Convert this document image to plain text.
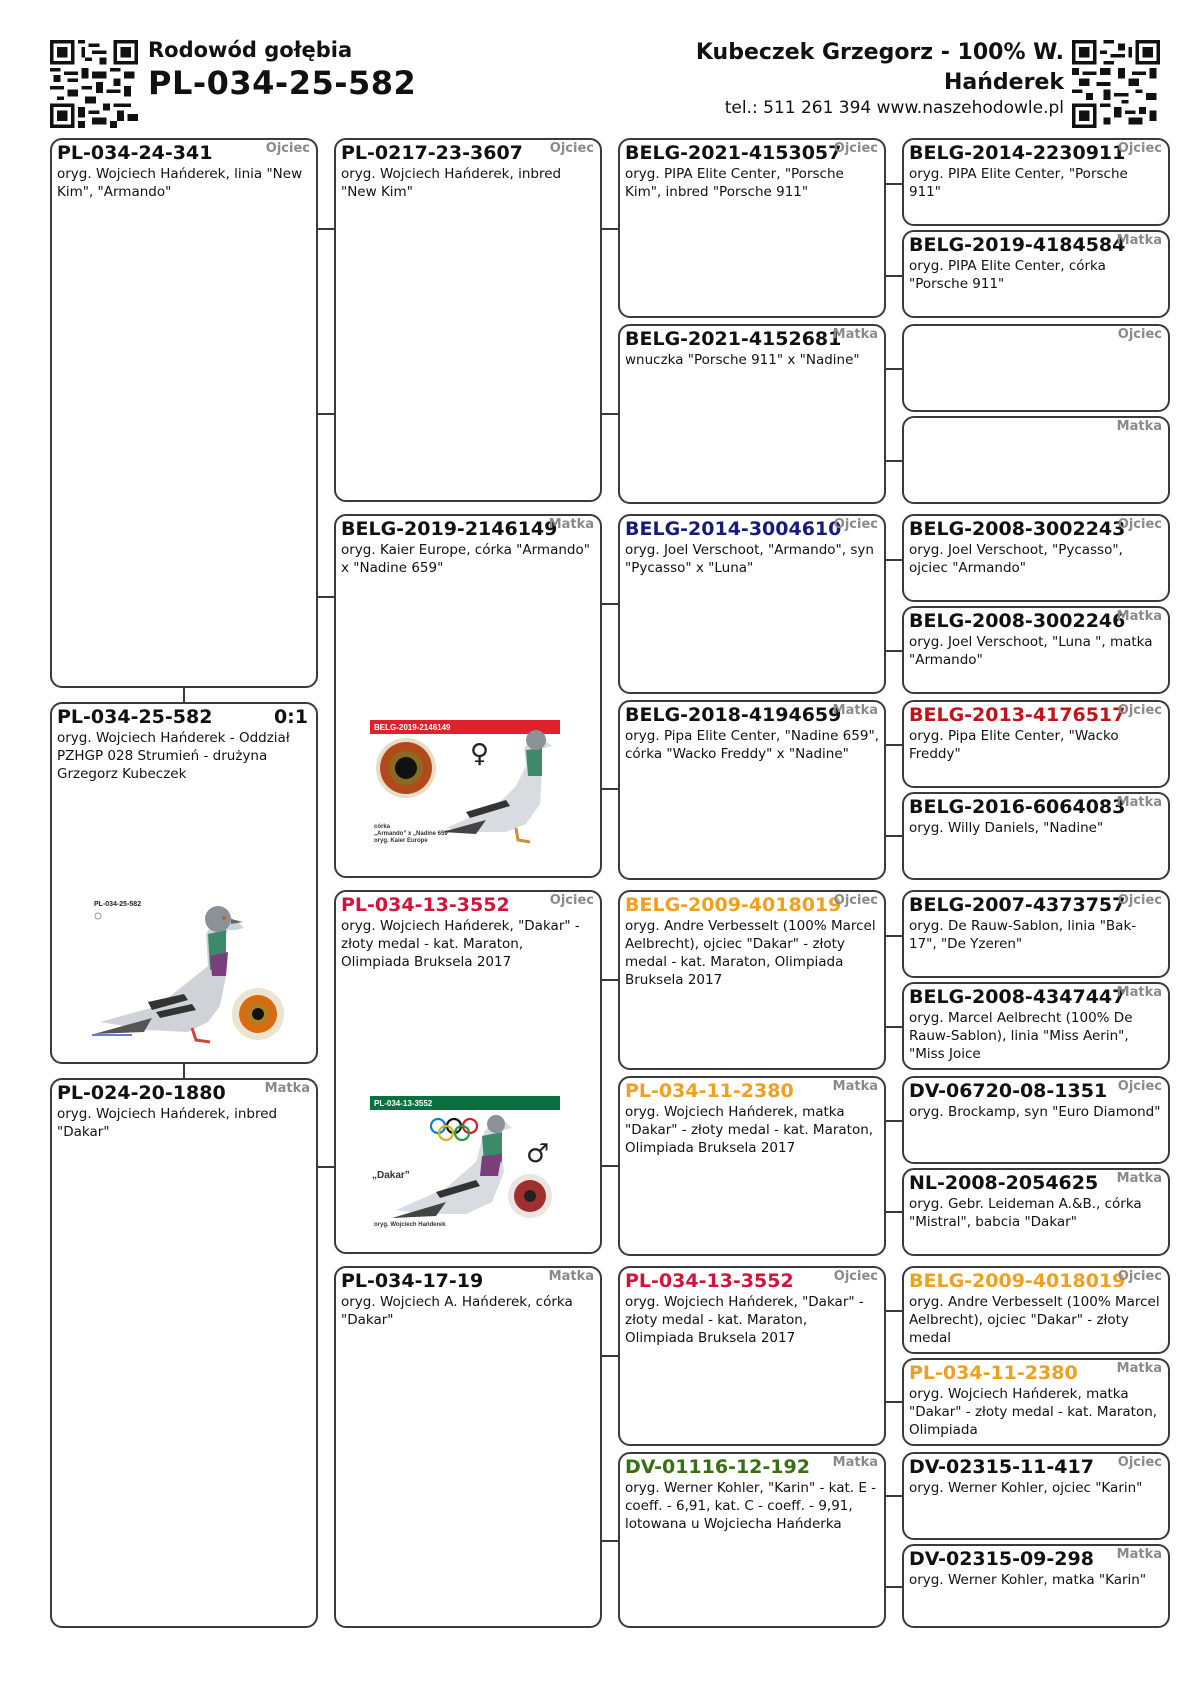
Rodowód gołębia
PL-034-25-582
Kubeczek Grzegorz - 100% W. Hańderek
tel.: 511 261 394 www.naszehodowle.pl
PL-034-24-341	Ojciec
oryg. Wojciech Hańderek, linia "New Kim", "Armando"
PL-034-25-582	0:1
oryg. Wojciech Hańderek - Oddział PZHGP 028 Strumień - drużyna Grzegorz Kubeczek
PL-034-25-582
PL-024-20-1880	Matka
oryg. Wojciech Hańderek, inbred "Dakar"
PL-0217-23-3607	Ojciec
oryg. Wojciech Hańderek, inbred "New Kim"
BELG-2019-2146149
Matka
oryg. Kaier Europe, córka "Armando" x "Nadine 659"
BELG-2019-2146149
♀
córka
„Armando” x „Nadine 659”
oryg. Kaier Europe
PL-034-13-3552	Ojciec
oryg. Wojciech Hańderek, "Dakar" - złoty medal - kat. Maraton, Olimpiada Bruksela 2017
PL-034-13-3552
„Dakar”
♂
oryg. Wojciech Hańderek
PL-034-17-19	Matka
oryg. Wojciech A. Hańderek, córka "Dakar"
BELG-2021-4153057
Ojciec
oryg. PIPA Elite Center, "Porsche Kim", inbred "Porsche 911"
BELG-2021-4152681
Matka
wnuczka "Porsche 911" x "Nadine"
BELG-2014-3004610
Ojciec
oryg. Joel Verschoot, "Armando", syn "Pycasso" x "Luna"
BELG-2018-4194659
Matka
oryg. Pipa Elite Center, "Nadine 659", córka "Wacko Freddy" x "Nadine"
BELG-2009-4018019
Ojciec
oryg. Andre Verbesselt (100% Marcel Aelbrecht), ojciec "Dakar" - złoty medal - kat. Maraton, Olimpiada Bruksela 2017
PL-034-11-2380	Matka
oryg. Wojciech Hańderek, matka "Dakar" - złoty medal - kat. Maraton, Olimpiada Bruksela 2017
PL-034-13-3552	Ojciec
oryg. Wojciech Hańderek, "Dakar" - złoty medal - kat. Maraton, Olimpiada Bruksela 2017
DV-01116-12-192	Matka
oryg. Werner Kohler, "Karin" - kat. E - coeff. - 6,91, kat. C - coeff. - 9,91, lotowana u Wojciecha Hańderka
BELG-2014-2230911
Ojciec
oryg. PIPA Elite Center, "Porsche 911"
BELG-2019-4184584
Matka
oryg. PIPA Elite Center, córka "Porsche 911"
Ojciec
Matka
BELG-2008-3002243
Ojciec
oryg. Joel Verschoot, "Pycasso", ojciec "Armando"
BELG-2008-3002246
Matka
oryg. Joel Verschoot, "Luna ", matka "Armando"
BELG-2013-4176517
Ojciec
oryg. Pipa Elite Center, "Wacko Freddy"
BELG-2016-6064083
Matka
oryg. Willy Daniels, "Nadine"
BELG-2007-4373757
Ojciec
oryg. De Rauw-Sablon, linia "Bak-17", "De Yzeren"
BELG-2008-4347447
Matka
oryg. Marcel Aelbrecht (100% De Rauw-Sablon), linia "Miss Aerin", "Miss Joice
DV-06720-08-1351 Ojciec
oryg. Brockamp, syn "Euro Diamond"
NL-2008-2054625	Matka
oryg. Gebr. Leideman A.&B., córka "Mistral", babcia "Dakar"
BELG-2009-4018019
Ojciec
oryg. Andre Verbesselt (100% Marcel Aelbrecht), ojciec "Dakar" - złoty medal
PL-034-11-2380	Matka
oryg. Wojciech Hańderek, matka "Dakar" - złoty medal - kat. Maraton, Olimpiada
DV-02315-11-417	Ojciec
oryg. Werner Kohler, ojciec "Karin"
DV-02315-09-298	Matka
oryg. Werner Kohler, matka "Karin"
